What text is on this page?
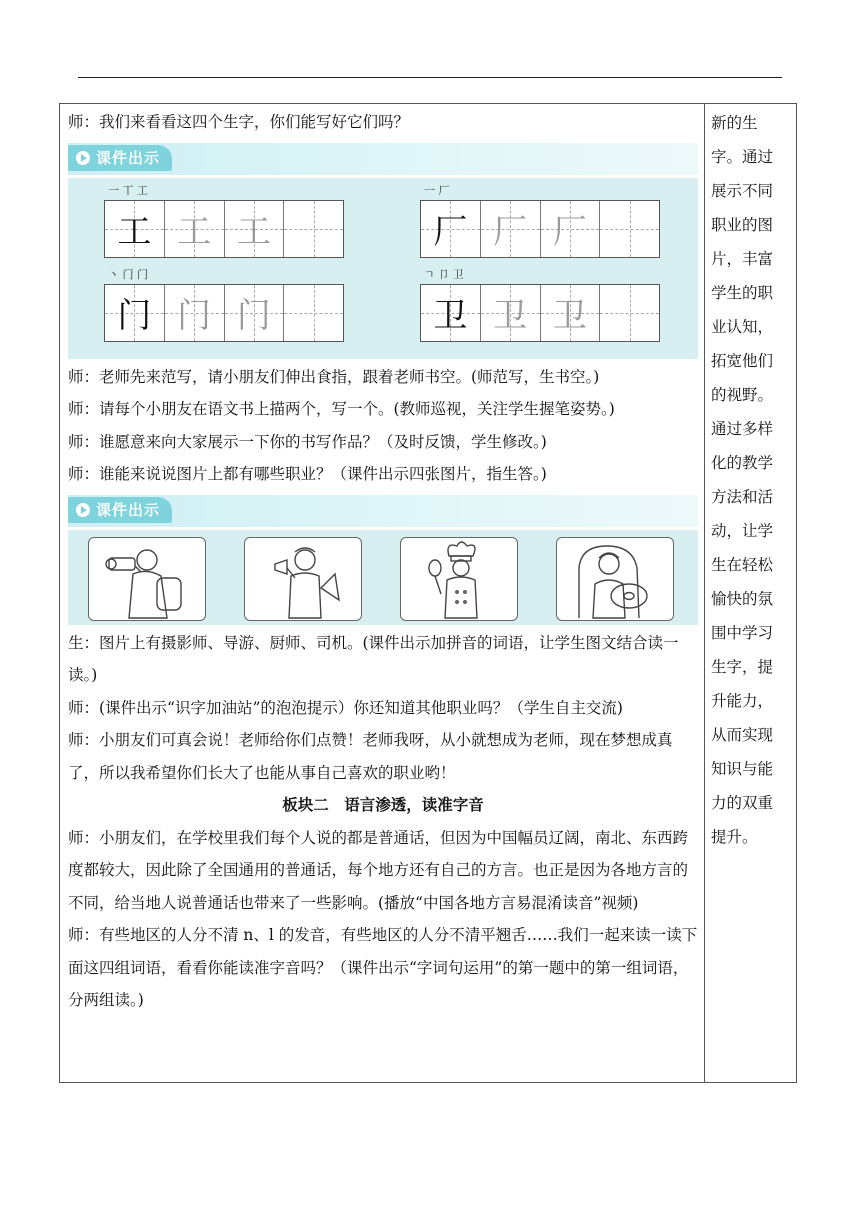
师：我们来看看这四个生字，你们能写好它们吗？

课件出示
一 丅 工
工 工 工
一 厂
厂 厂 厂
丶 门 门
门 门 门
ㄱ 卩 卫
卫 卫 卫

师：老师先来范写，请小朋友们伸出食指，跟着老师书空。(师范写，生书空。)

师：请每个小朋友在语文书上描两个，写一个。(教师巡视，关注学生握笔姿势。)

师：谁愿意来向大家展示一下你的书写作品？（及时反馈，学生修改。)

师：谁能来说说图片上都有哪些职业？（课件出示四张图片，指生答。)

课件出示

生：图片上有摄影师、导游、厨师、司机。(课件出示加拼音的词语，让学生图文结合读一读。)

师：(课件出示“识字加油站”的泡泡提示）你还知道其他职业吗？（学生自主交流)

师：小朋友们可真会说！老师给你们点赞！老师我呀，从小就想成为老师，现在梦想成真了，所以我希望你们长大了也能从事自己喜欢的职业哟！

板块二　语言渗透，读准字音

师：小朋友们，在学校里我们每个人说的都是普通话，但因为中国幅员辽阔，南北、东西跨度都较大，因此除了全国通用的普通话，每个地方还有自己的方言。也正是因为各地方言的不同，给当地人说普通话也带来了一些影响。(播放“中国各地方言易混淆读音”视频)

师：有些地区的人分不清 n、l 的发音，有些地区的人分不清平翘舌……我们一起来读一读下面这四组词语，看看你能读准字音吗？（课件出示“字词句运用”的第一题中的第一组词语，分两组读。)

新的生字。通过展示不同职业的图片，丰富学生的职业认知，拓宽他们的视野。通过多样化的教学方法和活动，让学生在轻松愉快的氛围中学习生字，提升能力，从而实现知识与能力的双重提升。
